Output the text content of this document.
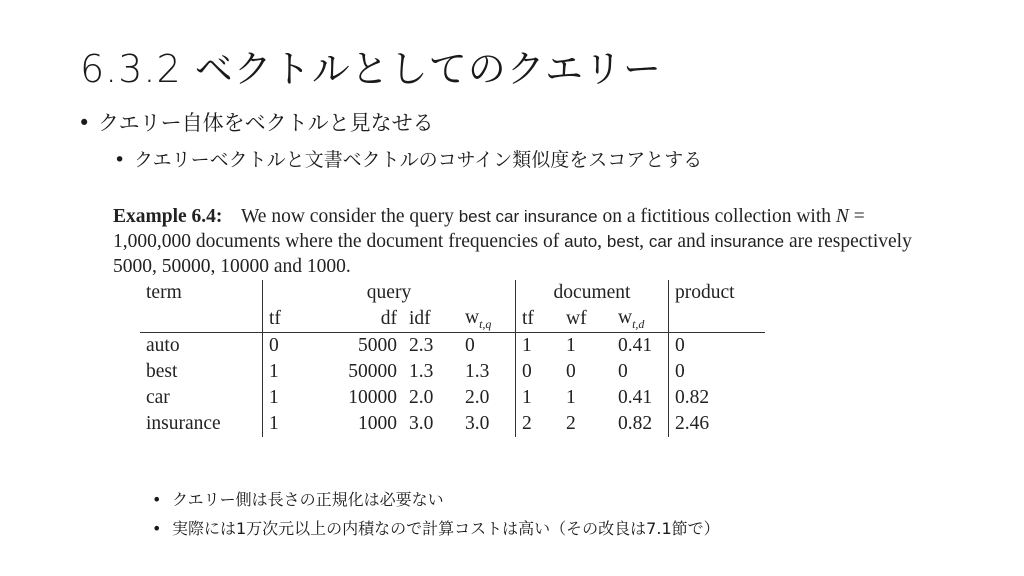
6.3.2 ベクトルとしてのクエリー
• クエリー自体をベクトルと見なせる
• クエリーベクトルと文書ベクトルのコサイン類似度をスコアとする
Example 6.4: We now consider the query best car insurance on a fictitious collection with N = 1,000,000 documents where the document frequencies of auto, best, car and insurance are respectively 5000, 50000, 10000 and 1000.
term	query				document			product
	tf	df	idf	$w_{t,q}$	tf	wf	$w_{t,d}$	
auto	0	5000	2.3	0	1	1	0.41	0
best	1	50000	1.3	1.3	0	0	0	0
car	1	10000	2.0	2.0	1	1	0.41	0.82
insurance	1	1000	3.0	3.0	2	2	0.82	2.46
• クエリー側は長さの正規化は必要ない
• 実際には1万次元以上の内積なので計算コストは高い（その改良は7.1節で）
